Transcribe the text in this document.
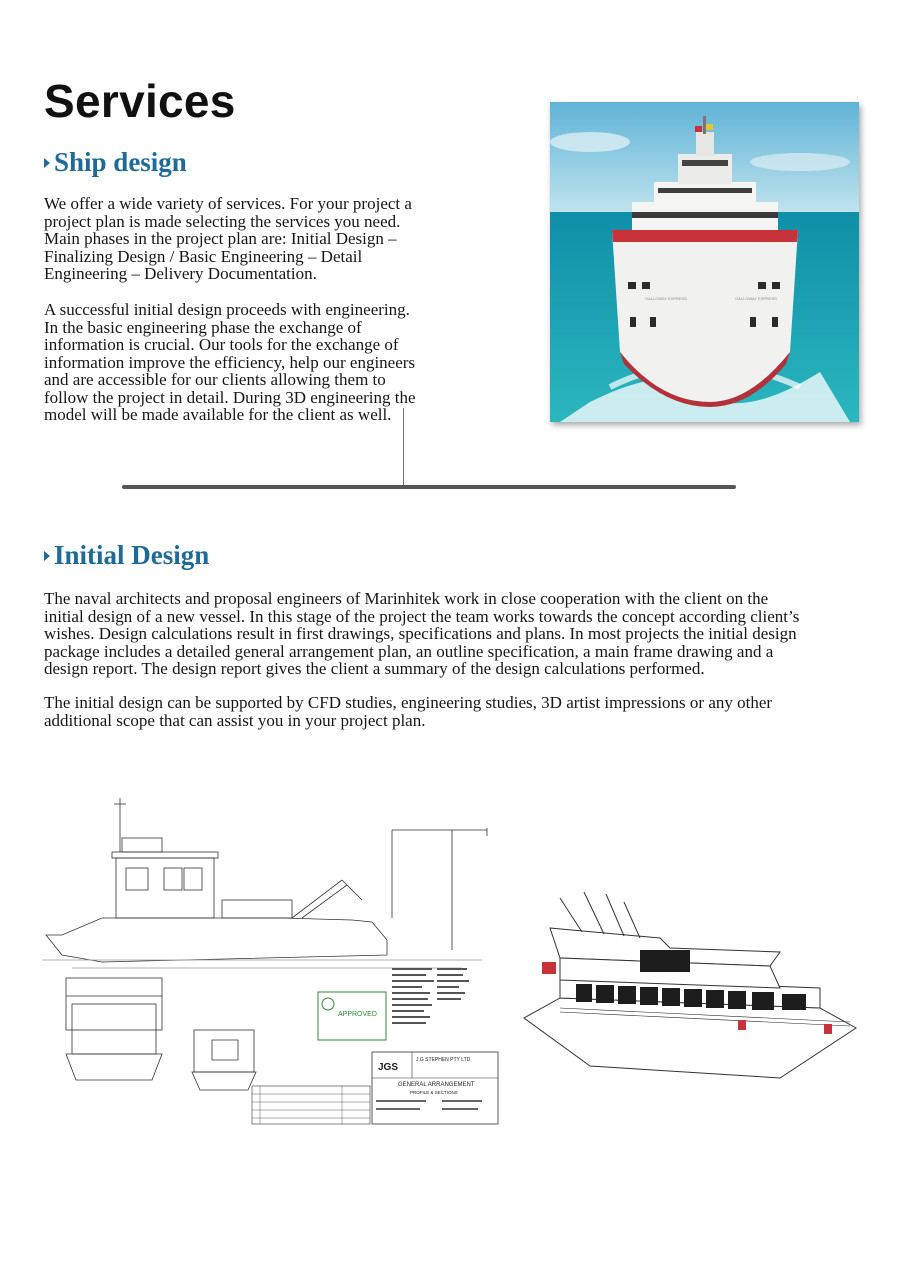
Services
Ship design
We offer a wide variety of services. For your project a
project plan is made selecting the services you need.
Main phases in the project plan are: Initial Design –
Finalizing Design / Basic Engineering – Detail
Engineering – Delivery Documentation.
A successful initial design proceeds with engineering.
In the basic engineering phase the exchange of
information is crucial. Our tools for the exchange of
information improve the efficiency, help our engineers
and are accessible for our clients allowing them to
follow the project in detail. During 3D engineering the
model will be made available for the client as well.
GALLOWAY EXPRESS	GALLOWAY EXPRESS
Initial Design
The naval architects and proposal engineers of Marinhitek work in close cooperation with the client on the
initial design of a new vessel. In this stage of the project the team works towards the concept according client’s
wishes. Design calculations result in first drawings, specifications and plans. In most projects the initial design
package includes a detailed general arrangement plan, an outline specification, a main frame drawing and a
design report. The design report gives the client a summary of the design calculations performed.
The initial design can be supported by CFD studies, engineering studies, 3D artist impressions or any other
additional scope that can assist you in your project plan.
APPROVED
JGS
J.G STEPHEN PTY LTD
GENERAL ARRANGEMENT
PROFILE & SECTIONS
